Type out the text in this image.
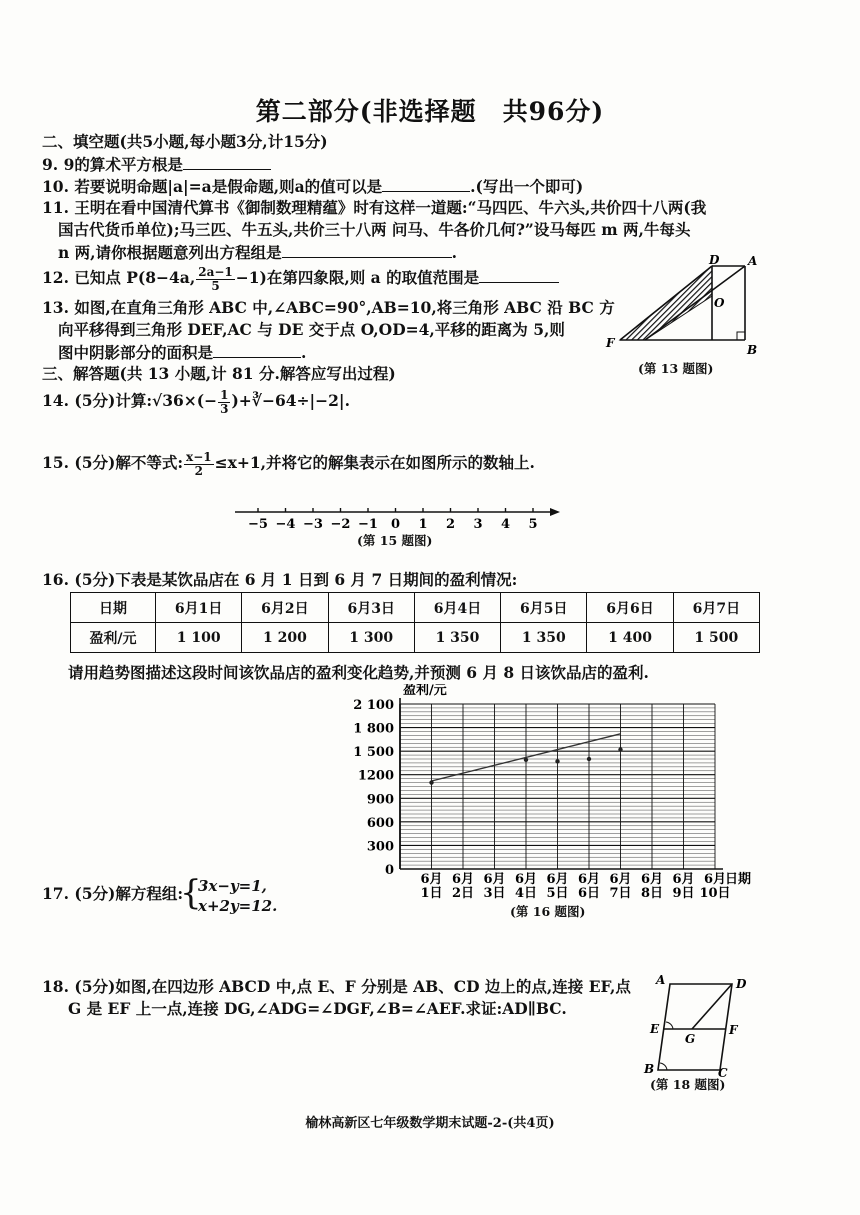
第二部分(非选择题　共96分)
二、填空题(共5小题,每小题3分,计15分)
9. 9的算术平方根是
10. 若要说明命题|a|=a是假命题,则a的值可以是	.(写出一个即可)
11. 王明在看中国清代算书《御制数理精蕴》时有这样一道题:“马四匹、牛六头,共价四十八两(我
国古代货币单位);马三匹、牛五头,共价三十八两 问马、牛各价几何?”设马每匹 m 两,牛每头
n 两,请你根据题意列出方程组是	.
12. 已知点 P(8−4a, $\frac{2a-1}{5} -1$)在第四象限,则 a 的取值范围是
13. 如图,在直角三角形 ABC 中,∠ABC=90°,AB=10,将三角形 ABC 沿 BC 方
向平移得到三角形 DEF,AC 与 DE 交于点 O,OD=4,平移的距离为 5,则
图中阴影部分的面积是	.
D A
O
F	B
(第 13 题图)
三、解答题(共 13 小题,计 81 分.解答应写出过程)
14. (5分)计算:√36×(− $\frac{1}{3}$ )+∛−64÷|−2|.
15. (5分)解不等式: $\frac{x-1}{2} \le x+1$,并将它的解集表示在如图所示的数轴上.
−5 −4 −3 −2 −1 0 1 2 3 4 5
(第 15 题图)
16. (5分)下表是某饮品店在 6 月 1 日到 6 月 7 日期间的盈利情况:
日期	6月1日	6月2日	6月3日	6月4日	6月5日	6月6日	6月7日
盈利/元	1 100	1 200	1 300	1 350	1 350	1 400	1 500
请用趋势图描述这段时间该饮品店的盈利变化趋势,并预测 6 月 8 日该饮品店的盈利.
0
300
600
900
1200
1 500
1 800
2 100
盈利/元
6月
1日
6月
2日
6月
3日
6月
4日
6月
5日
6月
6日
6月
7日
6月
8日
6月
9日
6月
10日
日期
(第 16 题图)
17. (5分)解方程组:
{
3x−y=1,
x+2y=12.
18. (5分)如图,在四边形 ABCD 中,点 E、F 分别是 AB、CD 边上的点,连接 EF,点
G 是 EF 上一点,连接 DG,∠ADG=∠DGF,∠B=∠AEF.求证:AD∥BC.
A	D
E	F
G
B	C
(第 18 题图)
榆林高新区七年级数学期末试题-2-(共4页)
